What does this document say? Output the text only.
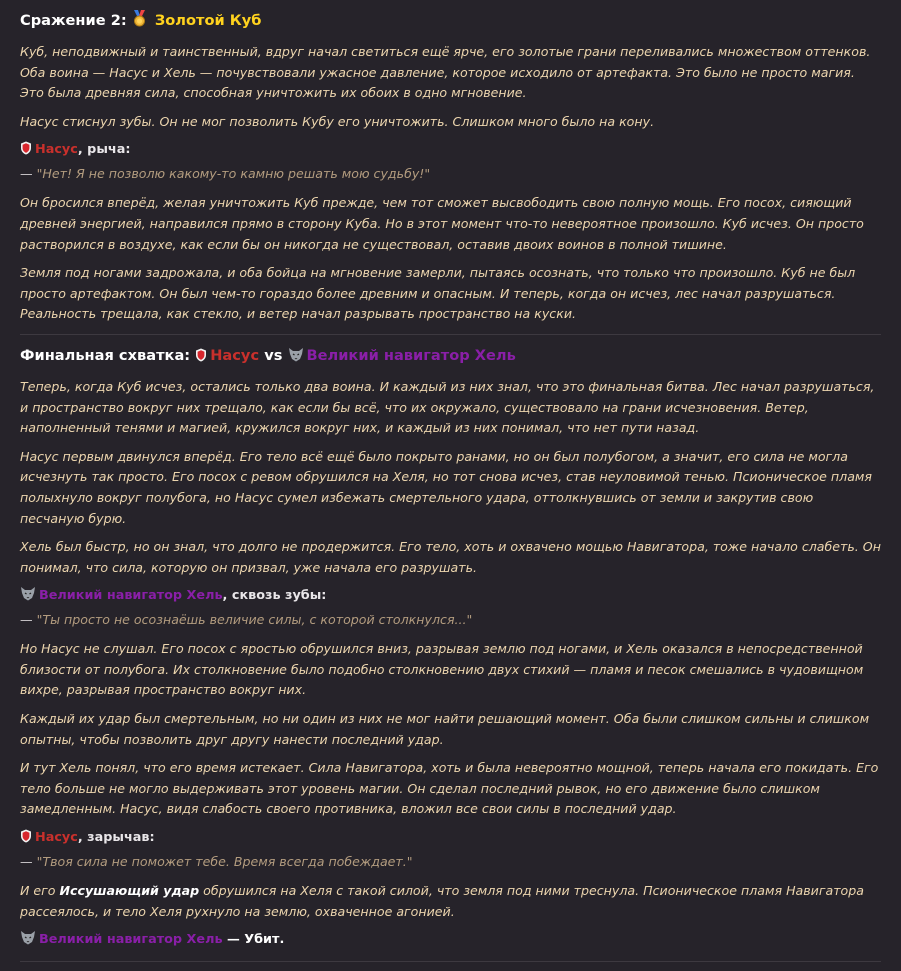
Сражение 2: Золотой Куб
Куб, неподвижный и таинственный, вдруг начал светиться ещё ярче, его золотые грани переливались множеством оттенков. Оба воина — Насус и Хель — почувствовали ужасное давление, которое исходило от артефакта. Это было не просто магия. Это была древняя сила, способная уничтожить их обоих в одно мгновение.
Насус стиснул зубы. Он не мог позволить Кубу его уничтожить. Слишком много было на кону.
Насус, рыча:
— "Нет! Я не позволю какому-то камню решать мою судьбу!"
Он бросился вперёд, желая уничтожить Куб прежде, чем тот сможет высвободить свою полную мощь. Его посох, сияющий древней энергией, направился прямо в сторону Куба. Но в этот момент что-то невероятное произошло. Куб исчез. Он просто растворился в воздухе, как если бы он никогда не существовал, оставив двоих воинов в полной тишине.
Земля под ногами задрожала, и оба бойца на мгновение замерли, пытаясь осознать, что только что произошло. Куб не был просто артефактом. Он был чем-то гораздо более древним и опасным. И теперь, когда он исчез, лес начал разрушаться. Реальность трещала, как стекло, и ветер начал разрывать пространство на куски.
Финальная схватка: Насус vs Великий навигатор Хель
Теперь, когда Куб исчез, остались только два воина. И каждый из них знал, что это финальная битва. Лес начал разрушаться, и пространство вокруг них трещало, как если бы всё, что их окружало, существовало на грани исчезновения. Ветер, наполненный тенями и магией, кружился вокруг них, и каждый из них понимал, что нет пути назад.
Насус первым двинулся вперёд. Его тело всё ещё было покрыто ранами, но он был полубогом, а значит, его сила не могла исчезнуть так просто. Его посох с ревом обрушился на Хеля, но тот снова исчез, став неуловимой тенью. Псионическое пламя полыхнуло вокруг полубога, но Насус сумел избежать смертельного удара, оттолкнувшись от земли и закрутив свою песчаную бурю.
Хель был быстр, но он знал, что долго не продержится. Его тело, хоть и охвачено мощью Навигатора, тоже начало слабеть. Он понимал, что сила, которую он призвал, уже начала его разрушать.
Великий навигатор Хель, сквозь зубы:
— "Ты просто не осознаёшь величие силы, с которой столкнулся..."
Но Насус не слушал. Его посох с яростью обрушился вниз, разрывая землю под ногами, и Хель оказался в непосредственной близости от полубога. Их столкновение было подобно столкновению двух стихий — пламя и песок смешались в чудовищном вихре, разрывая пространство вокруг них.
Каждый их удар был смертельным, но ни один из них не мог найти решающий момент. Оба были слишком сильны и слишком опытны, чтобы позволить друг другу нанести последний удар.
И тут Хель понял, что его время истекает. Сила Навигатора, хоть и была невероятно мощной, теперь начала его покидать. Его тело больше не могло выдерживать этот уровень магии. Он сделал последний рывок, но его движение было слишком замедленным. Насус, видя слабость своего противника, вложил все свои силы в последний удар.
Насус, зарычав:
— "Твоя сила не поможет тебе. Время всегда побеждает."
И его Иссушающий удар обрушился на Хеля с такой силой, что земля под ними треснула. Псионическое пламя Навигатора рассеялось, и тело Хеля рухнуло на землю, охваченное агонией.
Великий навигатор Хель — Убит.
